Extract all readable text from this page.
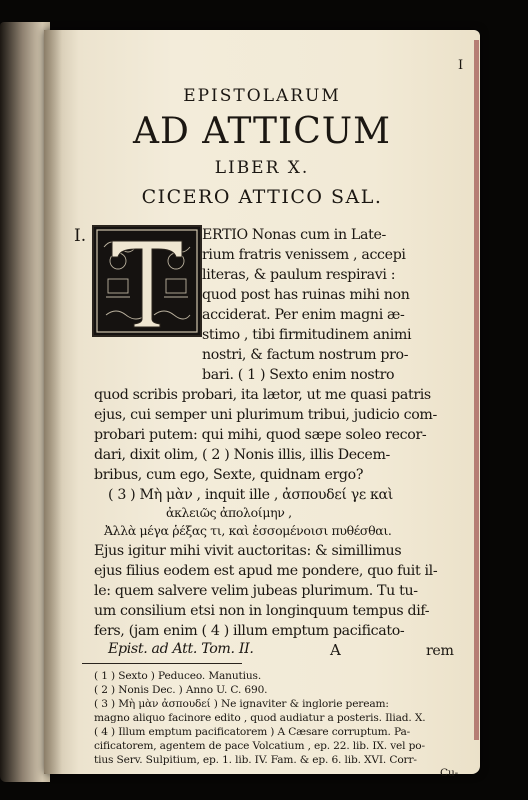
I
EPISTOLARUM
AD ATTICUM
LIBER X.
CICERO ATTICO SAL.
I.	ERTIO Nonas cum in Late-
rium fratris venissem , accepi
literas, & paulum respiravi :
quod post has ruinas mihi non
acciderat. Per enim magni æ-
stimo , tibi firmitudinem animi
nostri, & factum nostrum pro-
bari. ( 1 ) Sexto enim nostro
quod scribis probari, ita lætor, ut me quasi patris
ejus, cui semper uni plurimum tribui, judicio com-
probari putem: qui mihi, quod sæpe soleo recor-
dari, dixit olim, ( 2 ) Nonis illis, illis Decem-
bribus, cum ego, Sexte, quidnam ergo?
( 3 ) Μὴ μὰν , inquit ille , ἀσπουδεί γε καὶ
ἀκλειῶς ἀπολοίμην ,
Ἀλλὰ μέγα ῥέξας τι, καὶ ἐσσομένοισι πυθέσθαι.
Ejus igitur mihi vivit auctoritas: & simillimus
ejus filius eodem est apud me pondere, quo fuit il-
le: quem salvere velim jubeas plurimum. Tu tu-
um consilium etsi non in longinquum tempus dif-
fers, (jam enim ( 4 ) illum emptum pacificato-
Epist. ad Att. Tom. II.	A	rem
( 1 ) Sexto ) Peduceo. Manutius.
( 2 ) Nonis Dec. ) Anno U. C. 690.
( 3 ) Μὴ μὰν ἀσπουδεί ) Ne ignaviter & inglorie peream:
magno aliquo facinore edito , quod audiatur a posteris. Iliad. X.
( 4 ) Illum emptum pacificatorem ) A Cæsare corruptum. Pa-
cificatorem, agentem de pace Volcatium , ep. 22. lib. IX. vel po-
tius Serv. Sulpitium, ep. 1. lib. IV. Fam. & ep. 6. lib. XVI. Corr-
Cu-
